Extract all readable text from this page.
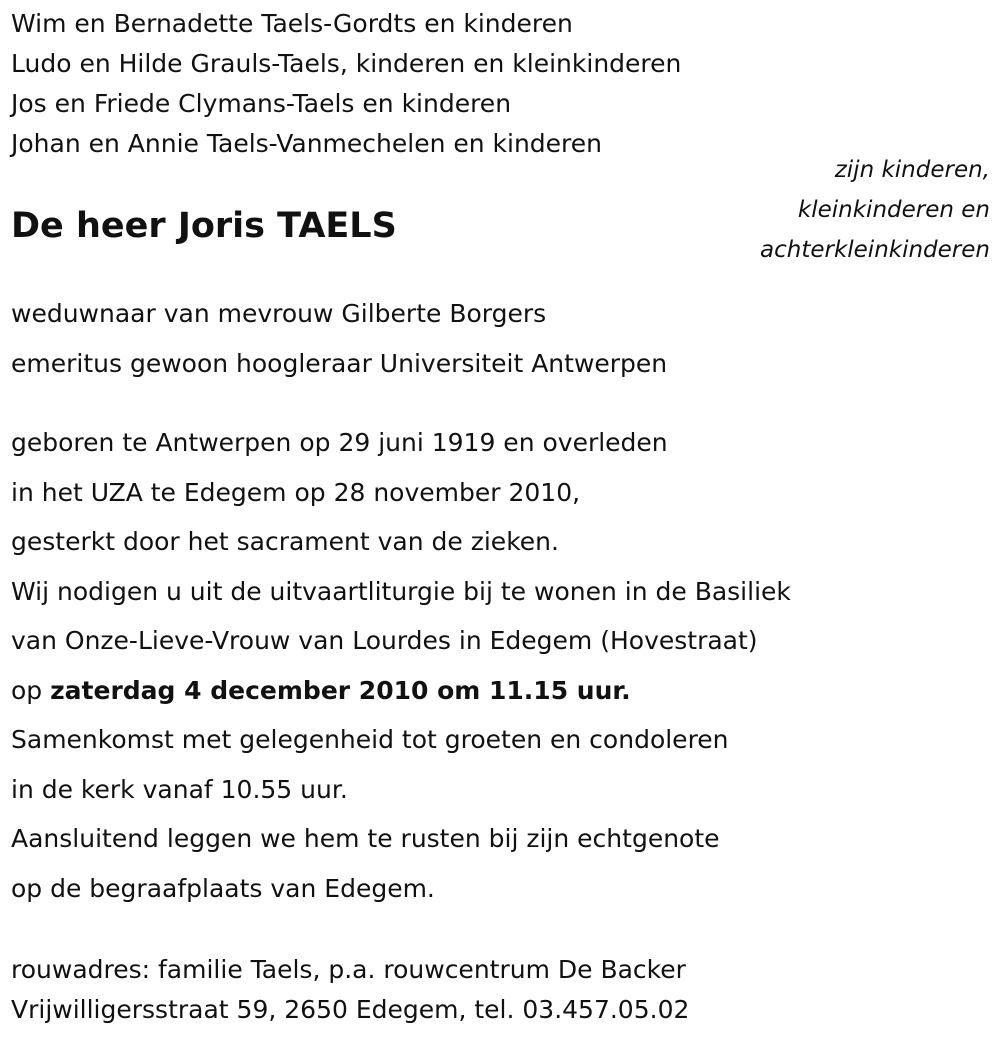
Wim en Bernadette Taels-Gordts en kinderen
Ludo en Hilde Grauls-Taels, kinderen en kleinkinderen
Jos en Friede Clymans-Taels en kinderen
Johan en Annie Taels-Vanmechelen en kinderen
zijn kinderen,
kleinkinderen en
achterkleinkinderen
De heer Joris TAELS
weduwnaar van mevrouw Gilberte Borgers
emeritus gewoon hoogleraar Universiteit Antwerpen
geboren te Antwerpen op 29 juni 1919 en overleden
in het UZA te Edegem op 28 november 2010,
gesterkt door het sacrament van de zieken.
Wij nodigen u uit de uitvaartliturgie bij te wonen in de Basiliek
van Onze-Lieve-Vrouw van Lourdes in Edegem (Hovestraat)
op zaterdag 4 december 2010 om 11.15 uur.
Samenkomst met gelegenheid tot groeten en condoleren
in de kerk vanaf 10.55 uur.
Aansluitend leggen we hem te rusten bij zijn echtgenote
op de begraafplaats van Edegem.
rouwadres: familie Taels, p.a. rouwcentrum De Backer
Vrijwilligersstraat 59, 2650 Edegem, tel. 03.457.05.02
